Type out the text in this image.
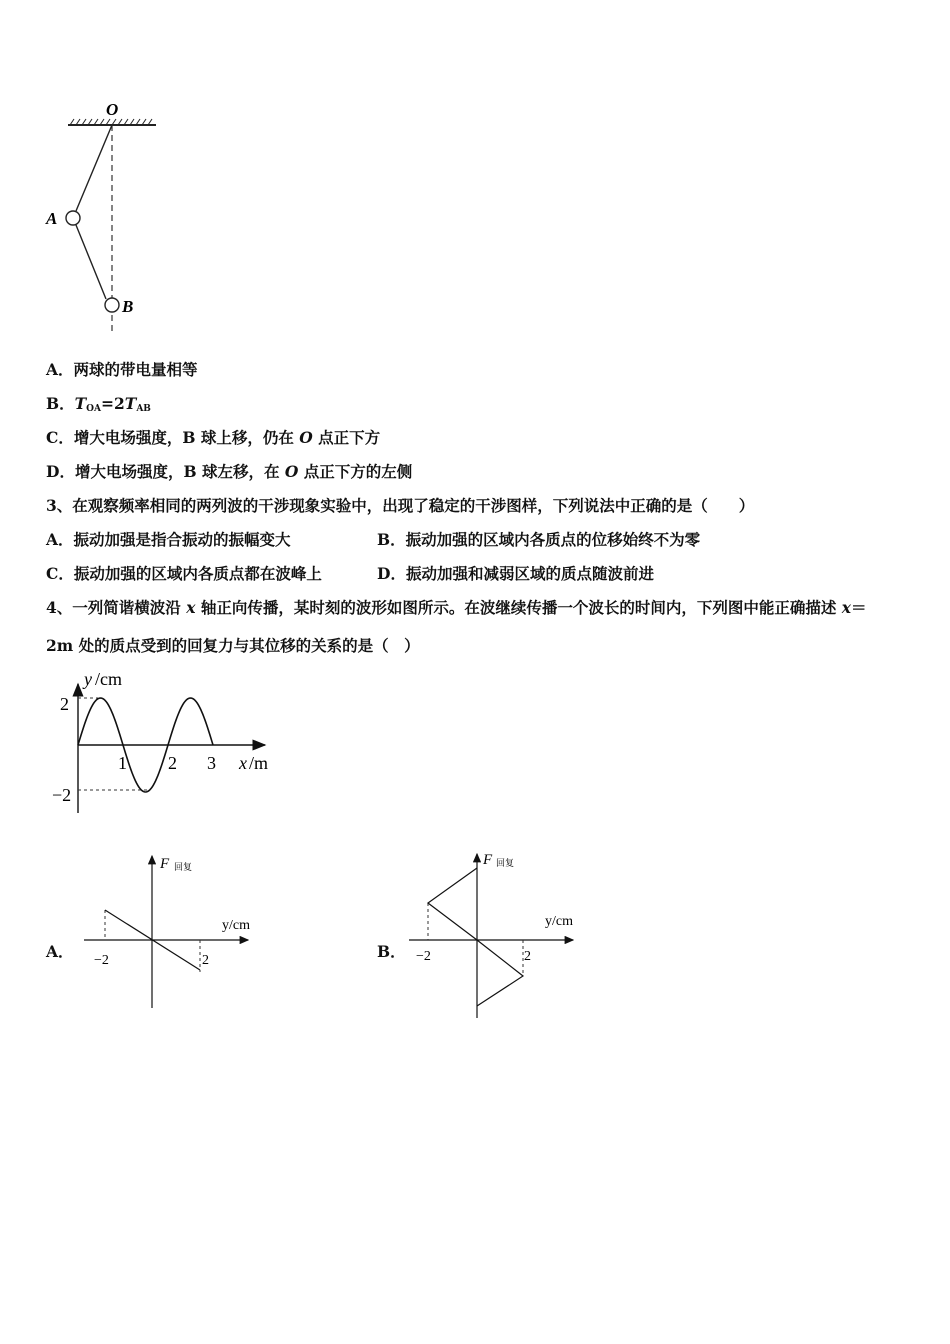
O
A
B
A．两球的带电量相等
B．$T_{OA}=2T_{AB}$
C．增大电场强度，B 球上移，仍在 O 点正下方
D．增大电场强度，B 球左移，在 O 点正下方的左侧
3、在观察频率相同的两列波的干涉现象实验中，出现了稳定的干涉图样，下列说法中正确的是（　　）
A．振动加强是指合振动的振幅变大	B．振动加强的区域内各质点的位移始终不为零
C．振动加强的区域内各质点都在波峰上	D．振动加强和减弱区域的质点随波前进
4、一列简谐横波沿 x 轴正向传播，某时刻的波形如图所示。在波继续传播一个波长的时间内，下列图中能正确描述 x＝
2m 处的质点受到的回复力与其位移的关系的是（　）
y /cm
2
−2
1 2 3 x /m
A．
F 回复
y/cm
−2	2	B．
F 回复
y/cm
−2	2
